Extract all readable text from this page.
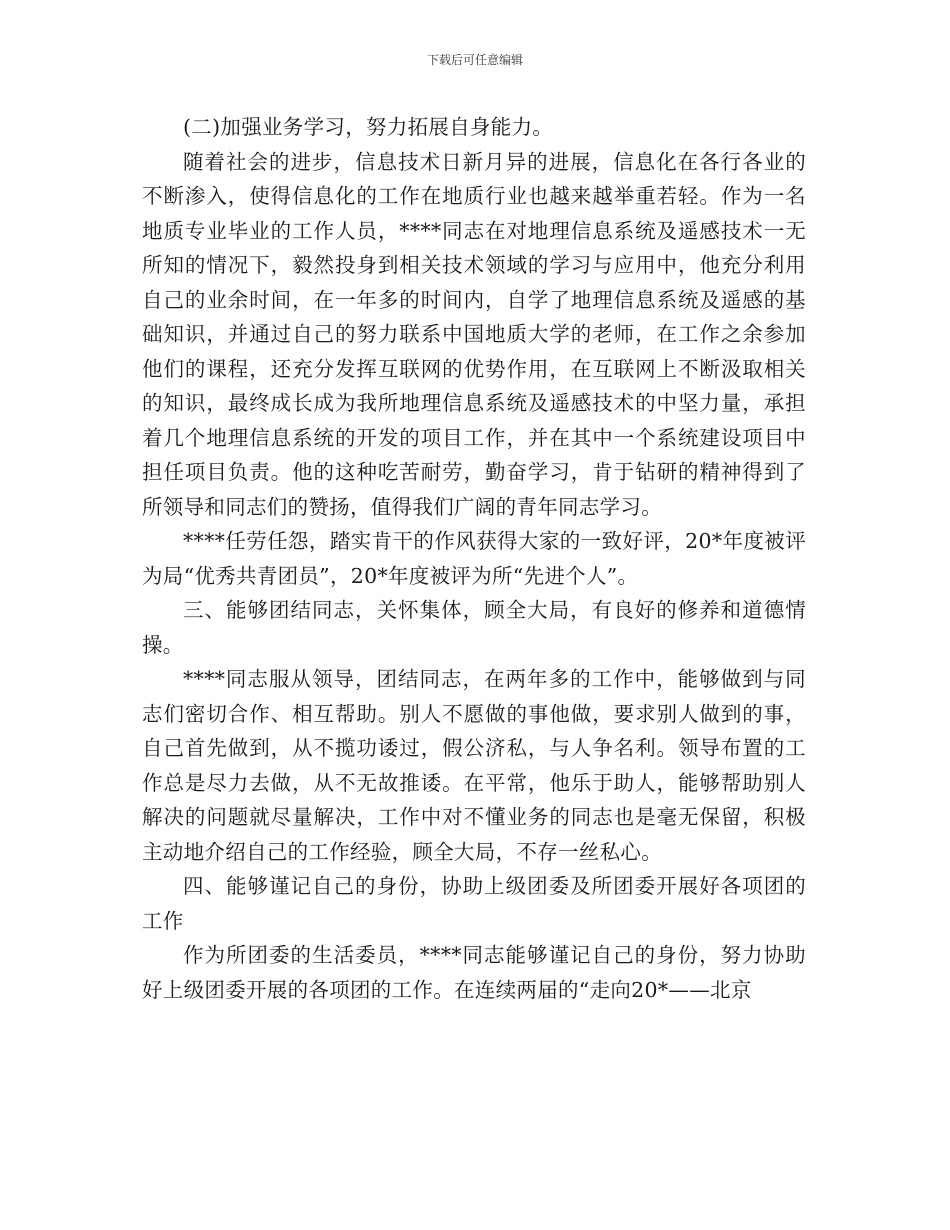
下载后可任意编辑

(二)加强业务学习，努力拓展自身能力。

随着社会的进步，信息技术日新月异的进展，信息化在各行各业的不断渗入，使得信息化的工作在地质行业也越来越举重若轻。作为一名地质专业毕业的工作人员，****同志在对地理信息系统及遥感技术一无所知的情况下，毅然投身到相关技术领域的学习与应用中，他充分利用自己的业余时间，在一年多的时间内，自学了地理信息系统及遥感的基础知识，并通过自己的努力联系中国地质大学的老师，在工作之余参加他们的课程，还充分发挥互联网的优势作用，在互联网上不断汲取相关的知识，最终成长成为我所地理信息系统及遥感技术的中坚力量，承担着几个地理信息系统的开发的项目工作，并在其中一个系统建设项目中担任项目负责。他的这种吃苦耐劳，勤奋学习，肯于钻研的精神得到了所领导和同志们的赞扬，值得我们广阔的青年同志学习。

****任劳任怨，踏实肯干的作风获得大家的一致好评，20*年度被评为局“优秀共青团员”，20*年度被评为所“先进个人”。

三、能够团结同志，关怀集体，顾全大局，有良好的修养和道德情操。

****同志服从领导，团结同志，在两年多的工作中，能够做到与同志们密切合作、相互帮助。别人不愿做的事他做，要求别人做到的事，自己首先做到，从不揽功诿过，假公济私，与人争名利。领导布置的工作总是尽力去做，从不无故推诿。在平常，他乐于助人，能够帮助别人解决的问题就尽量解决，工作中对不懂业务的同志也是毫无保留，积极主动地介绍自己的工作经验，顾全大局，不存一丝私心。

四、能够谨记自己的身份，协助上级团委及所团委开展好各项团的工作

作为所团委的生活委员，****同志能够谨记自己的身份，努力协助好上级团委开展的各项团的工作。在连续两届的“走向20*——北京
